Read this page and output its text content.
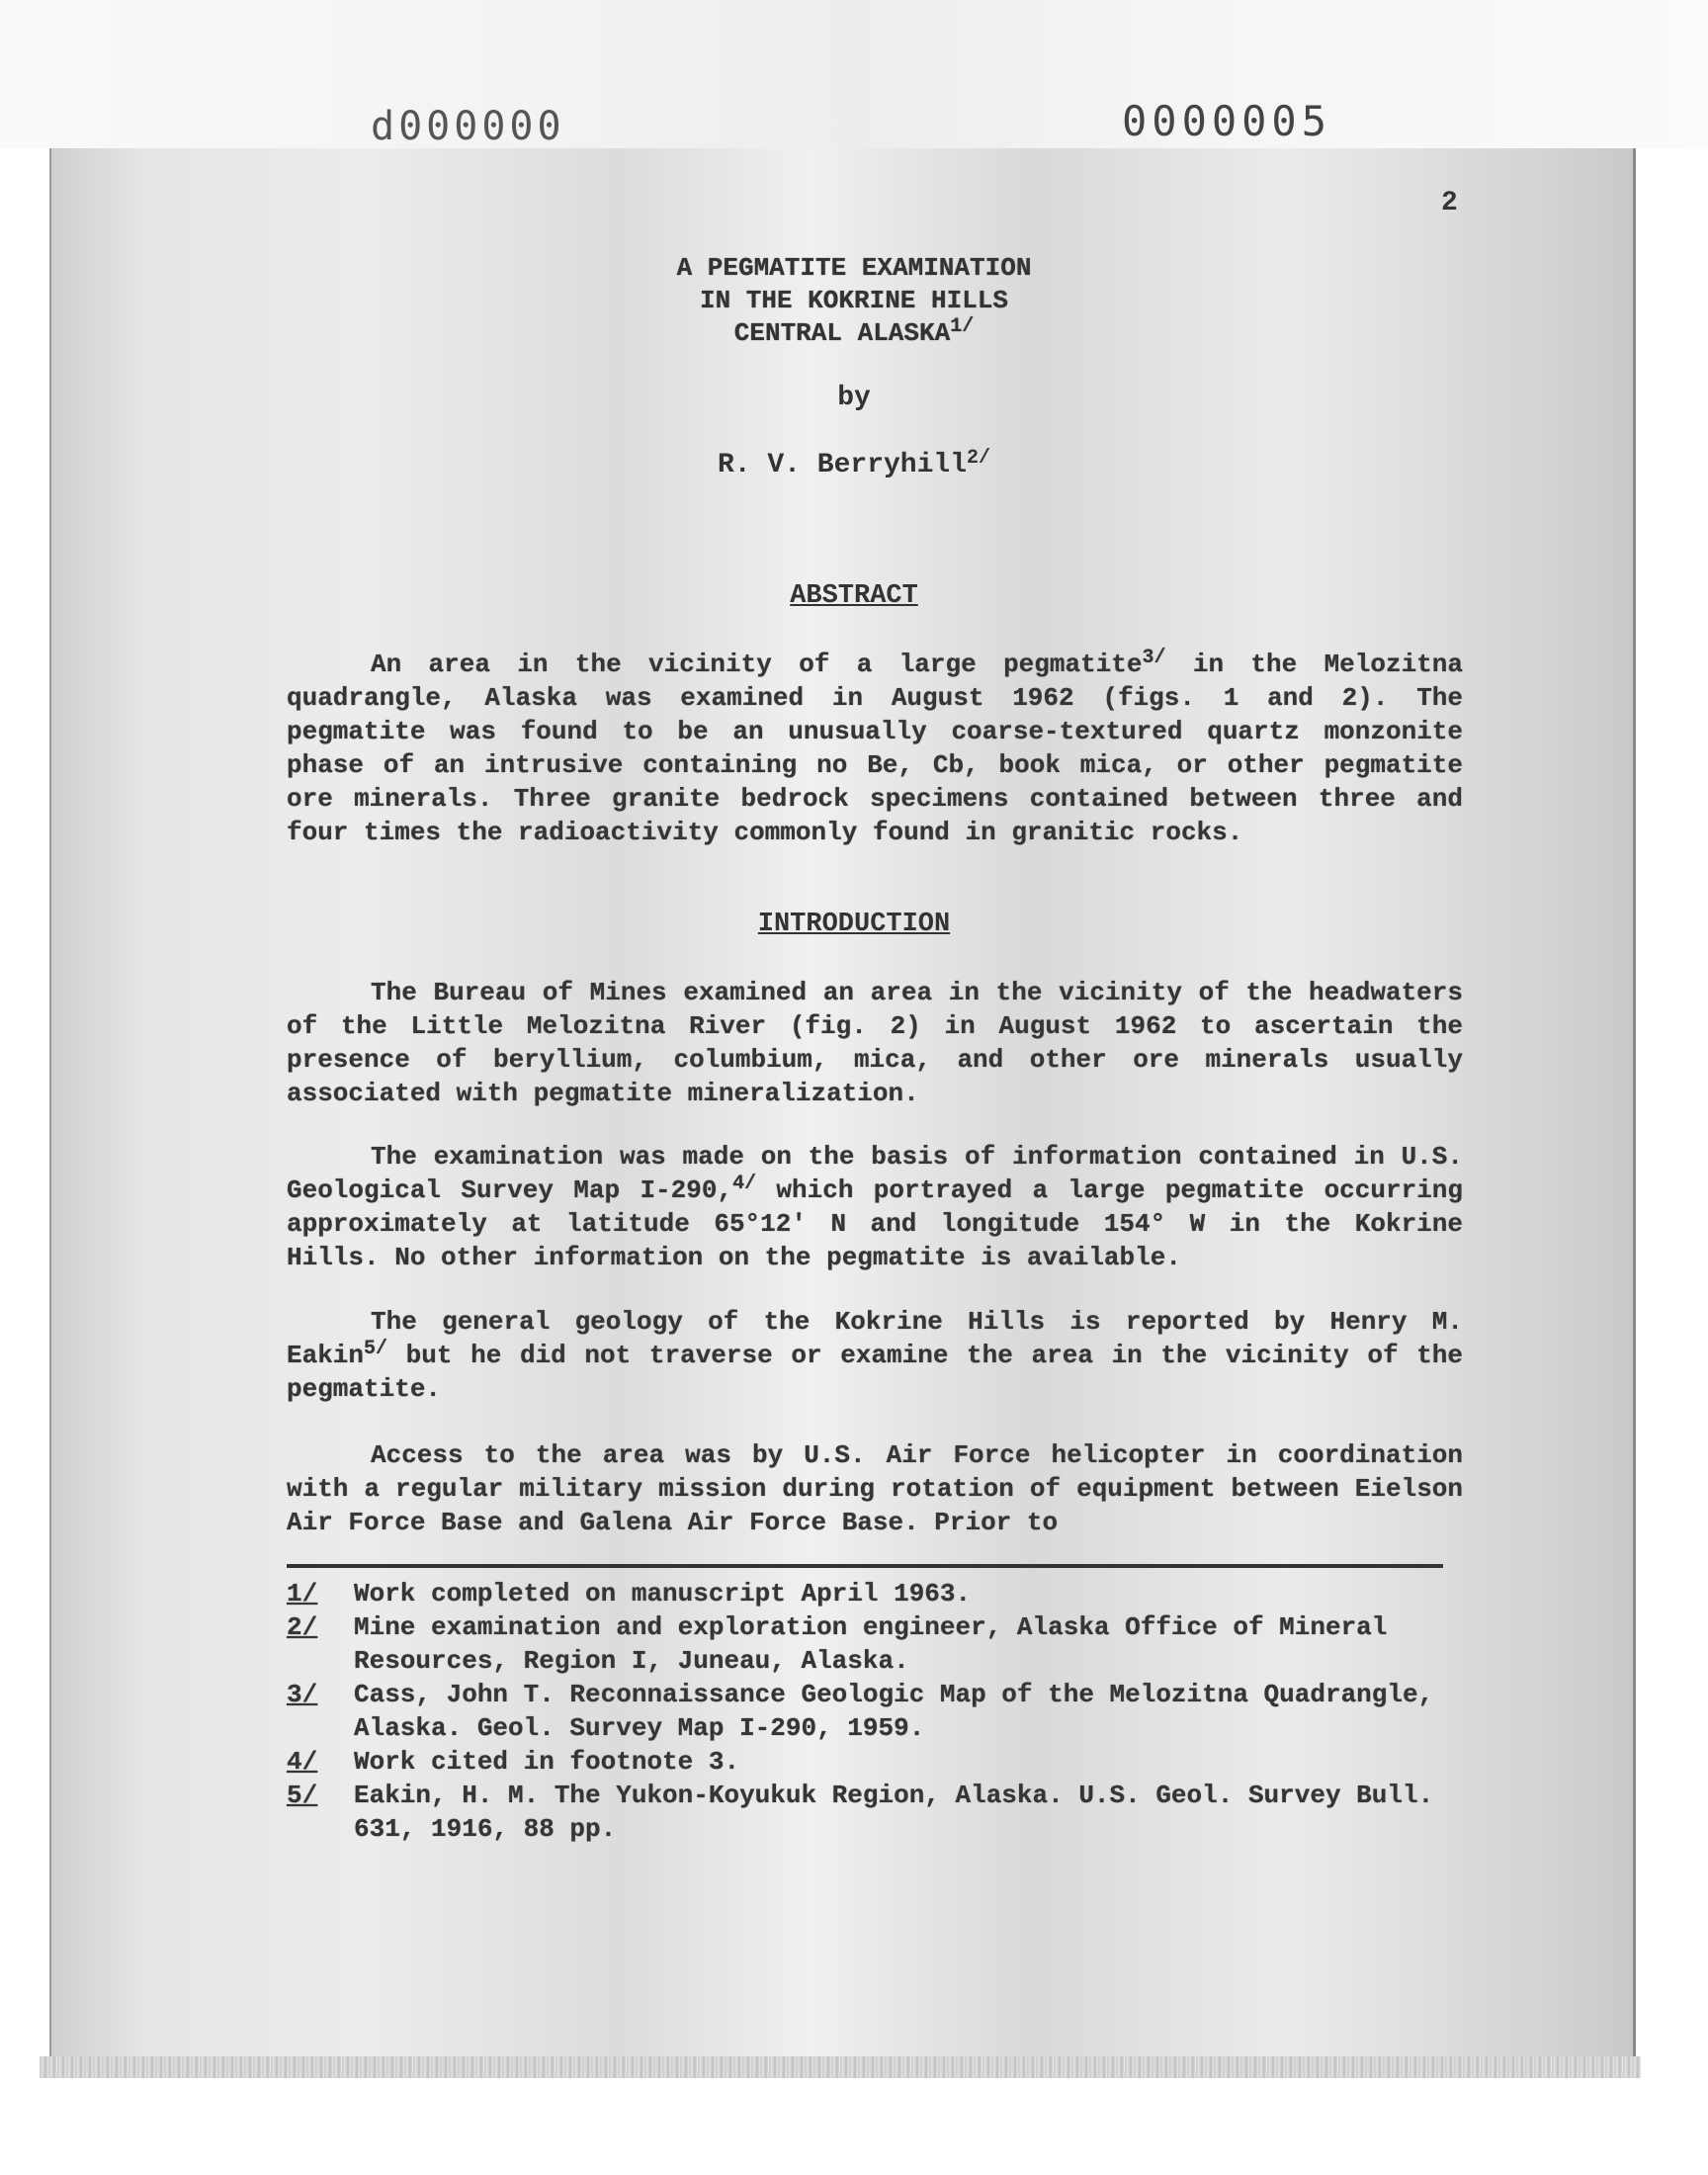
d000000	0000005
2
A PEGMATITE EXAMINATION
IN THE KOKRINE HILLS
CENTRAL $ALASKA^{1/}$
by
R. V. Berryhill$^{2/}$
ABSTRACT

An area in the vicinity of a large pegmatite$^{3/}$ in the Melozitna quadrangle, Alaska was examined in August 1962 (figs. 1 and 2). The pegmatite was found to be an unusually coarse-textured quartz monzonite phase of an intrusive containing no Be, Cb, book mica, or other pegmatite ore minerals. Three granite bedrock specimens contained between three and four times the radioactivity commonly found in granitic rocks.

INTRODUCTION

The Bureau of Mines examined an area in the vicinity of the headwaters of the Little Melozitna River (fig. 2) in August 1962 to ascertain the presence of beryllium, columbium, mica, and other ore minerals usually associated with pegmatite mineralization.

The examination was made on the basis of information contained in U.S. Geological Survey Map I-290,$^{4/}$ which portrayed a large pegmatite occurring approximately at latitude 65°12' N and longitude 154° W in the Kokrine Hills. No other information on the pegmatite is available.

The general geology of the Kokrine Hills is reported by Henry M. Eakin$^{5/}$ but he did not traverse or examine the area in the vicinity of the pegmatite.

Access to the area was by U.S. Air Force helicopter in coordination with a regular military mission during rotation of equipment between Eielson Air Force Base and Galena Air Force Base. Prior to

1/	Work completed on manuscript April 1963.
2/	Mine examination and exploration engineer, Alaska Office of Mineral Resources, Region I, Juneau, Alaska.
3/	Cass, John T. Reconnaissance Geologic Map of the Melozitna Quadrangle, Alaska. Geol. Survey Map I-290, 1959.
4/	Work cited in footnote 3.
5/	Eakin, H. M. The Yukon-Koyukuk Region, Alaska. U.S. Geol. Survey Bull. 631, 1916, 88 pp.
